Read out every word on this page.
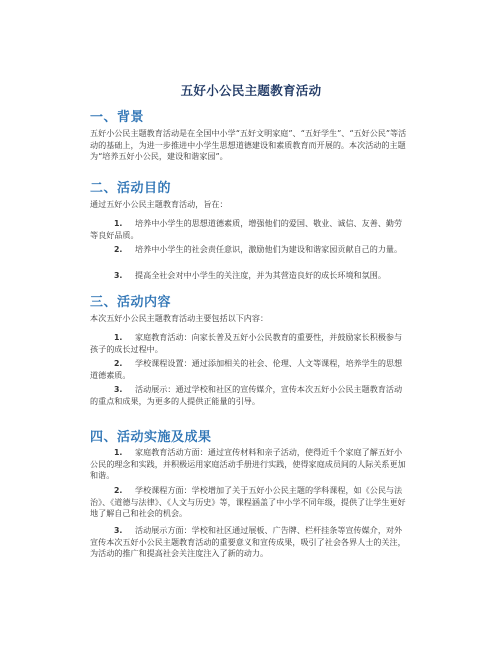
五好小公民主题教育活动
一、背景
五好小公民主题教育活动是在全国中小学“五好文明家庭”、“五好学生”、“五好公民”等活动的基础上，为进一步推进中小学生思想道德建设和素质教育而开展的。本次活动的主题为“培养五好小公民，建设和谐家园”。
二、活动目的
通过五好小公民主题教育活动，旨在：
1. 培养中小学生的思想道德素质，增强他们的爱国、敬业、诚信、友善、勤劳等良好品质。
2. 培养中小学生的社会责任意识，激励他们为建设和谐家园贡献自己的力量。
3. 提高全社会对中小学生的关注度，并为其营造良好的成长环境和氛围。
三、活动内容
本次五好小公民主题教育活动主要包括以下内容：
1. 家庭教育活动：向家长普及五好小公民教育的重要性，并鼓励家长积极参与孩子的成长过程中。
2. 学校课程设置：通过添加相关的社会、伦理、人文等课程，培养学生的思想道德素质。
3. 活动展示：通过学校和社区的宣传媒介，宣传本次五好小公民主题教育活动的重点和成果，为更多的人提供正能量的引导。
四、活动实施及成果
1. 家庭教育活动方面：通过宣传材料和亲子活动，使得近千个家庭了解五好小公民的理念和实践，并积极运用家庭活动手册进行实践，使得家庭成员间的人际关系更加和谐。
2. 学校课程方面：学校增加了关于五好小公民主题的学科课程，如《公民与法治》、《道德与法律》、《人文与历史》等，课程涵盖了中小学不同年级，提供了让学生更好地了解自己和社会的机会。
3. 活动展示方面：学校和社区通过展板、广告牌、栏杆挂条等宣传媒介，对外宣传本次五好小公民主题教育活动的重要意义和宣传成果，吸引了社会各界人士的关注，为活动的推广和提高社会关注度注入了新的动力。
